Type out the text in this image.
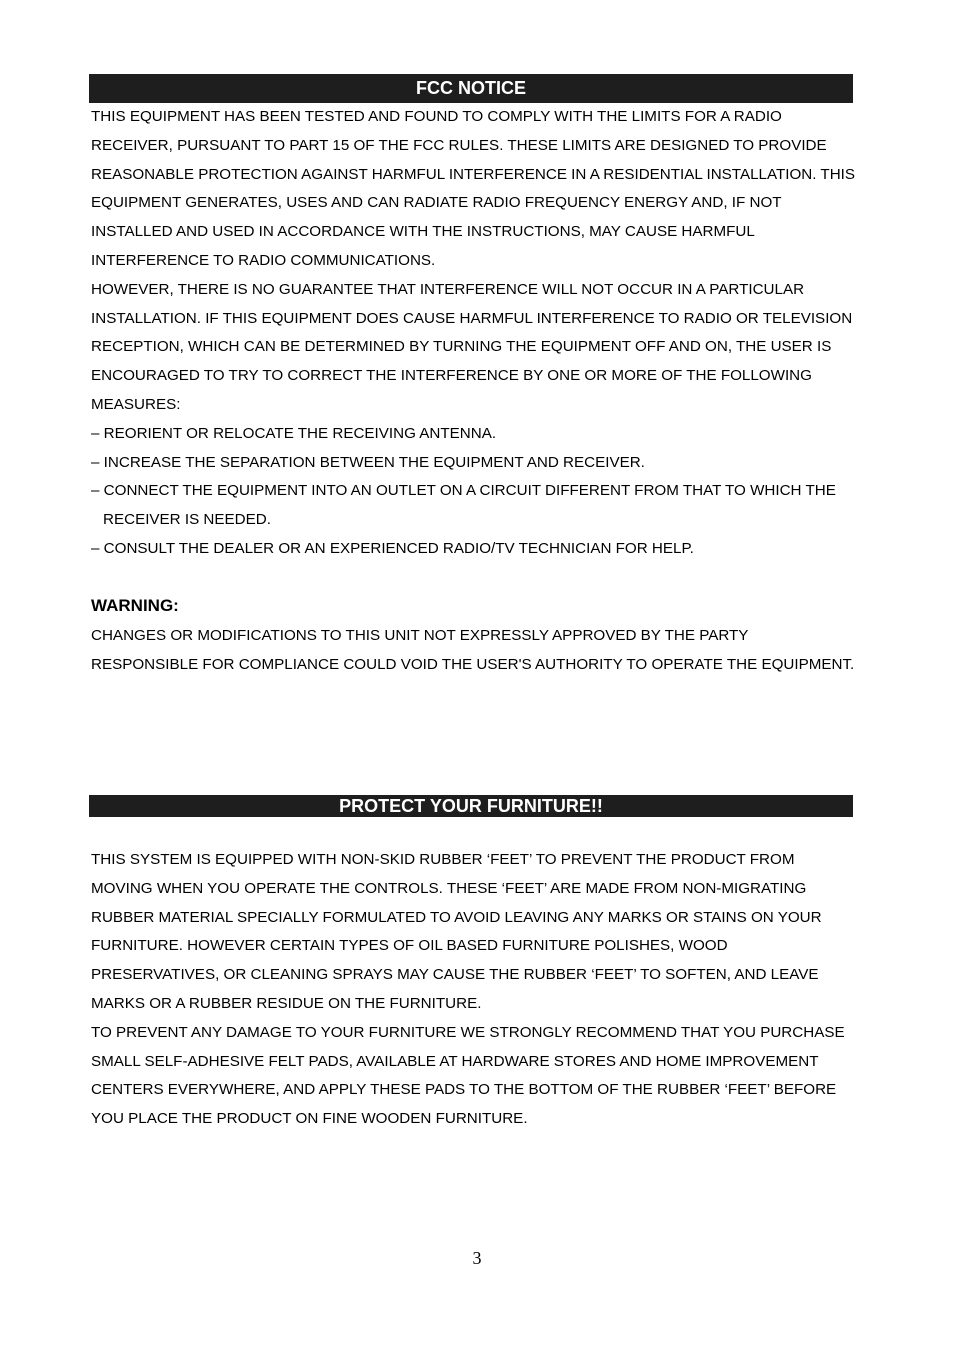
FCC NOTICE

THIS EQUIPMENT HAS BEEN TESTED AND FOUND TO COMPLY WITH THE LIMITS FOR A RADIO RECEIVER, PURSUANT TO PART 15 OF THE FCC RULES. THESE LIMITS ARE DESIGNED TO PROVIDE REASONABLE PROTECTION AGAINST HARMFUL INTERFERENCE IN A RESIDENTIAL INSTALLATION. THIS EQUIPMENT GENERATES, USES AND CAN RADIATE RADIO FREQUENCY ENERGY AND, IF NOT INSTALLED AND USED IN ACCORDANCE WITH THE INSTRUCTIONS, MAY CAUSE HARMFUL INTERFERENCE TO RADIO COMMUNICATIONS.

HOWEVER, THERE IS NO GUARANTEE THAT INTERFERENCE WILL NOT OCCUR IN A PARTICULAR INSTALLATION. IF THIS EQUIPMENT DOES CAUSE HARMFUL INTERFERENCE TO RADIO OR TELEVISION RECEPTION, WHICH CAN BE DETERMINED BY TURNING THE EQUIPMENT OFF AND ON, THE USER IS ENCOURAGED TO TRY TO CORRECT THE INTERFERENCE BY ONE OR MORE OF THE FOLLOWING MEASURES:

– REORIENT OR RELOCATE THE RECEIVING ANTENNA.
– INCREASE THE SEPARATION BETWEEN THE EQUIPMENT AND RECEIVER.
– CONNECT THE EQUIPMENT INTO AN OUTLET ON A CIRCUIT DIFFERENT FROM THAT TO WHICH THE RECEIVER IS NEEDED.
– CONSULT THE DEALER OR AN EXPERIENCED RADIO/TV TECHNICIAN FOR HELP.

WARNING:

CHANGES OR MODIFICATIONS TO THIS UNIT NOT EXPRESSLY APPROVED BY THE PARTY RESPONSIBLE FOR COMPLIANCE COULD VOID THE USER'S AUTHORITY TO OPERATE THE EQUIPMENT.

PROTECT YOUR FURNITURE!!

THIS SYSTEM IS EQUIPPED WITH NON-SKID RUBBER ‘FEET’ TO PREVENT THE PRODUCT FROM MOVING WHEN YOU OPERATE THE CONTROLS. THESE ‘FEET’ ARE MADE FROM NON-MIGRATING RUBBER MATERIAL SPECIALLY FORMULATED TO AVOID LEAVING ANY MARKS OR STAINS ON YOUR FURNITURE. HOWEVER CERTAIN TYPES OF OIL BASED FURNITURE POLISHES, WOOD PRESERVATIVES, OR CLEANING SPRAYS MAY CAUSE THE RUBBER ‘FEET’ TO SOFTEN, AND LEAVE MARKS OR A RUBBER RESIDUE ON THE FURNITURE.

TO PREVENT ANY DAMAGE TO YOUR FURNITURE WE STRONGLY RECOMMEND THAT YOU PURCHASE SMALL SELF-ADHESIVE FELT PADS, AVAILABLE AT HARDWARE STORES AND HOME IMPROVEMENT CENTERS EVERYWHERE, AND APPLY THESE PADS TO THE BOTTOM OF THE RUBBER ‘FEET’ BEFORE YOU PLACE THE PRODUCT ON FINE WOODEN FURNITURE.

3
